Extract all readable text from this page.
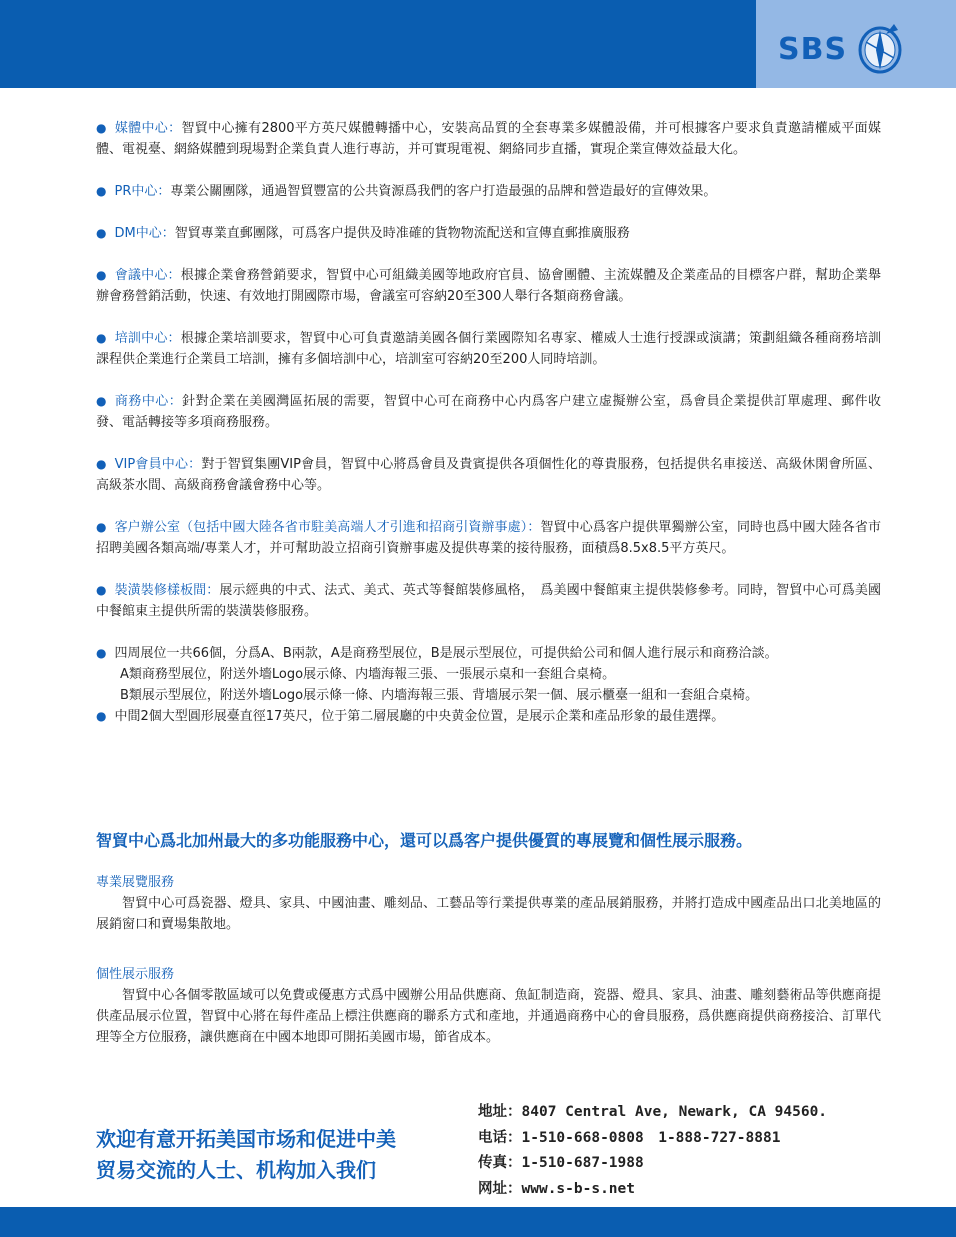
SBS

● 媒體中心：智貿中心擁有2800平方英尺媒體轉播中心，安裝高品質的全套專業多媒體設備，并可根據客户要求負責邀請權威平面媒體、電視臺、網絡媒體到現場對企業負責人進行專訪，并可實現電視、網絡同步直播，實現企業宣傳效益最大化。

● PR中心：專業公關團隊，通過智貿豐富的公共資源爲我們的客户打造最强的品牌和營造最好的宣傳效果。

● DM中心：智貿專業直郵團隊，可爲客户提供及時准確的貨物物流配送和宣傳直郵推廣服務

● 會議中心：根據企業會務營銷要求，智貿中心可組織美國等地政府官員、協會團體、主流媒體及企業產品的目標客户群，幫助企業舉辦會務營銷活動，快速、有效地打開國際市場，會議室可容納20至300人舉行各類商務會議。

● 培訓中心：根據企業培訓要求，智貿中心可負責邀請美國各個行業國際知名專家、權威人士進行授課或演講；策劃組織各種商務培訓課程供企業進行企業員工培訓，擁有多個培訓中心，培訓室可容納20至200人同時培訓。

● 商務中心：針對企業在美國灣區拓展的需要，智貿中心可在商務中心内爲客户建立虚擬辦公室，爲會員企業提供訂單處理、郵件收發、電話轉接等多項商務服務。

● VIP會員中心：對于智貿集團VIP會員，智貿中心將爲會員及貴賓提供各項個性化的尊貴服務，包括提供名車接送、高級休閑會所區、高級茶水間、高級商務會議會務中心等。

● 客户辦公室（包括中國大陸各省市駐美高端人才引進和招商引資辦事處）：智貿中心爲客户提供單獨辦公室，同時也爲中國大陸各省市招聘美國各類高端/專業人才，并可幫助設立招商引資辦事處及提供專業的接待服務，面積爲8.5x8.5平方英尺。

● 裝潢裝修樣板間：展示經典的中式、法式、美式、英式等餐館裝修風格，　爲美國中餐館東主提供裝修參考。同時，智貿中心可爲美國中餐館東主提供所需的裝潢裝修服務。

● 四周展位一共66個，分爲A、B兩款，A是商務型展位，B是展示型展位，可提供給公司和個人進行展示和商務洽談。

A類商務型展位，附送外墻Logo展示條、内墻海報三張、一張展示桌和一套組合桌椅。

B類展示型展位，附送外墻Logo展示條一條、内墻海報三張、背墻展示架一個、展示櫃臺一組和一套組合桌椅。

● 中間2個大型圓形展臺直徑17英尺，位于第二層展廳的中央黄金位置，是展示企業和產品形象的最佳選擇。

智貿中心爲北加州最大的多功能服務中心，還可以爲客户提供優質的專展覽和個性展示服務。
專業展覽服務
智貿中心可爲瓷器、燈具、家具、中國油畫、雕刻品、工藝品等行業提供專業的產品展銷服務，并將打造成中國產品出口北美地區的展銷窗口和賣場集散地。
個性展示服務
智貿中心各個零散區域可以免費或優惠方式爲中國辦公用品供應商、魚缸制造商，瓷器、燈具、家具、油畫、雕刻藝術品等供應商提供產品展示位置，智貿中心將在每件產品上標注供應商的聯系方式和產地，并通過商務中心的會員服務，爲供應商提供商務接洽、訂單代理等全方位服務，讓供應商在中國本地即可開拓美國市場，節省成本。
欢迎有意开拓美国市场和促进中美
贸易交流的人士、机构加入我们
地址：8407 Central Ave, Newark, CA 94560.
电话：1-510-668-0808　1-888-727-8881
传真：1-510-687-1988
网址：www.s-b-s.net
